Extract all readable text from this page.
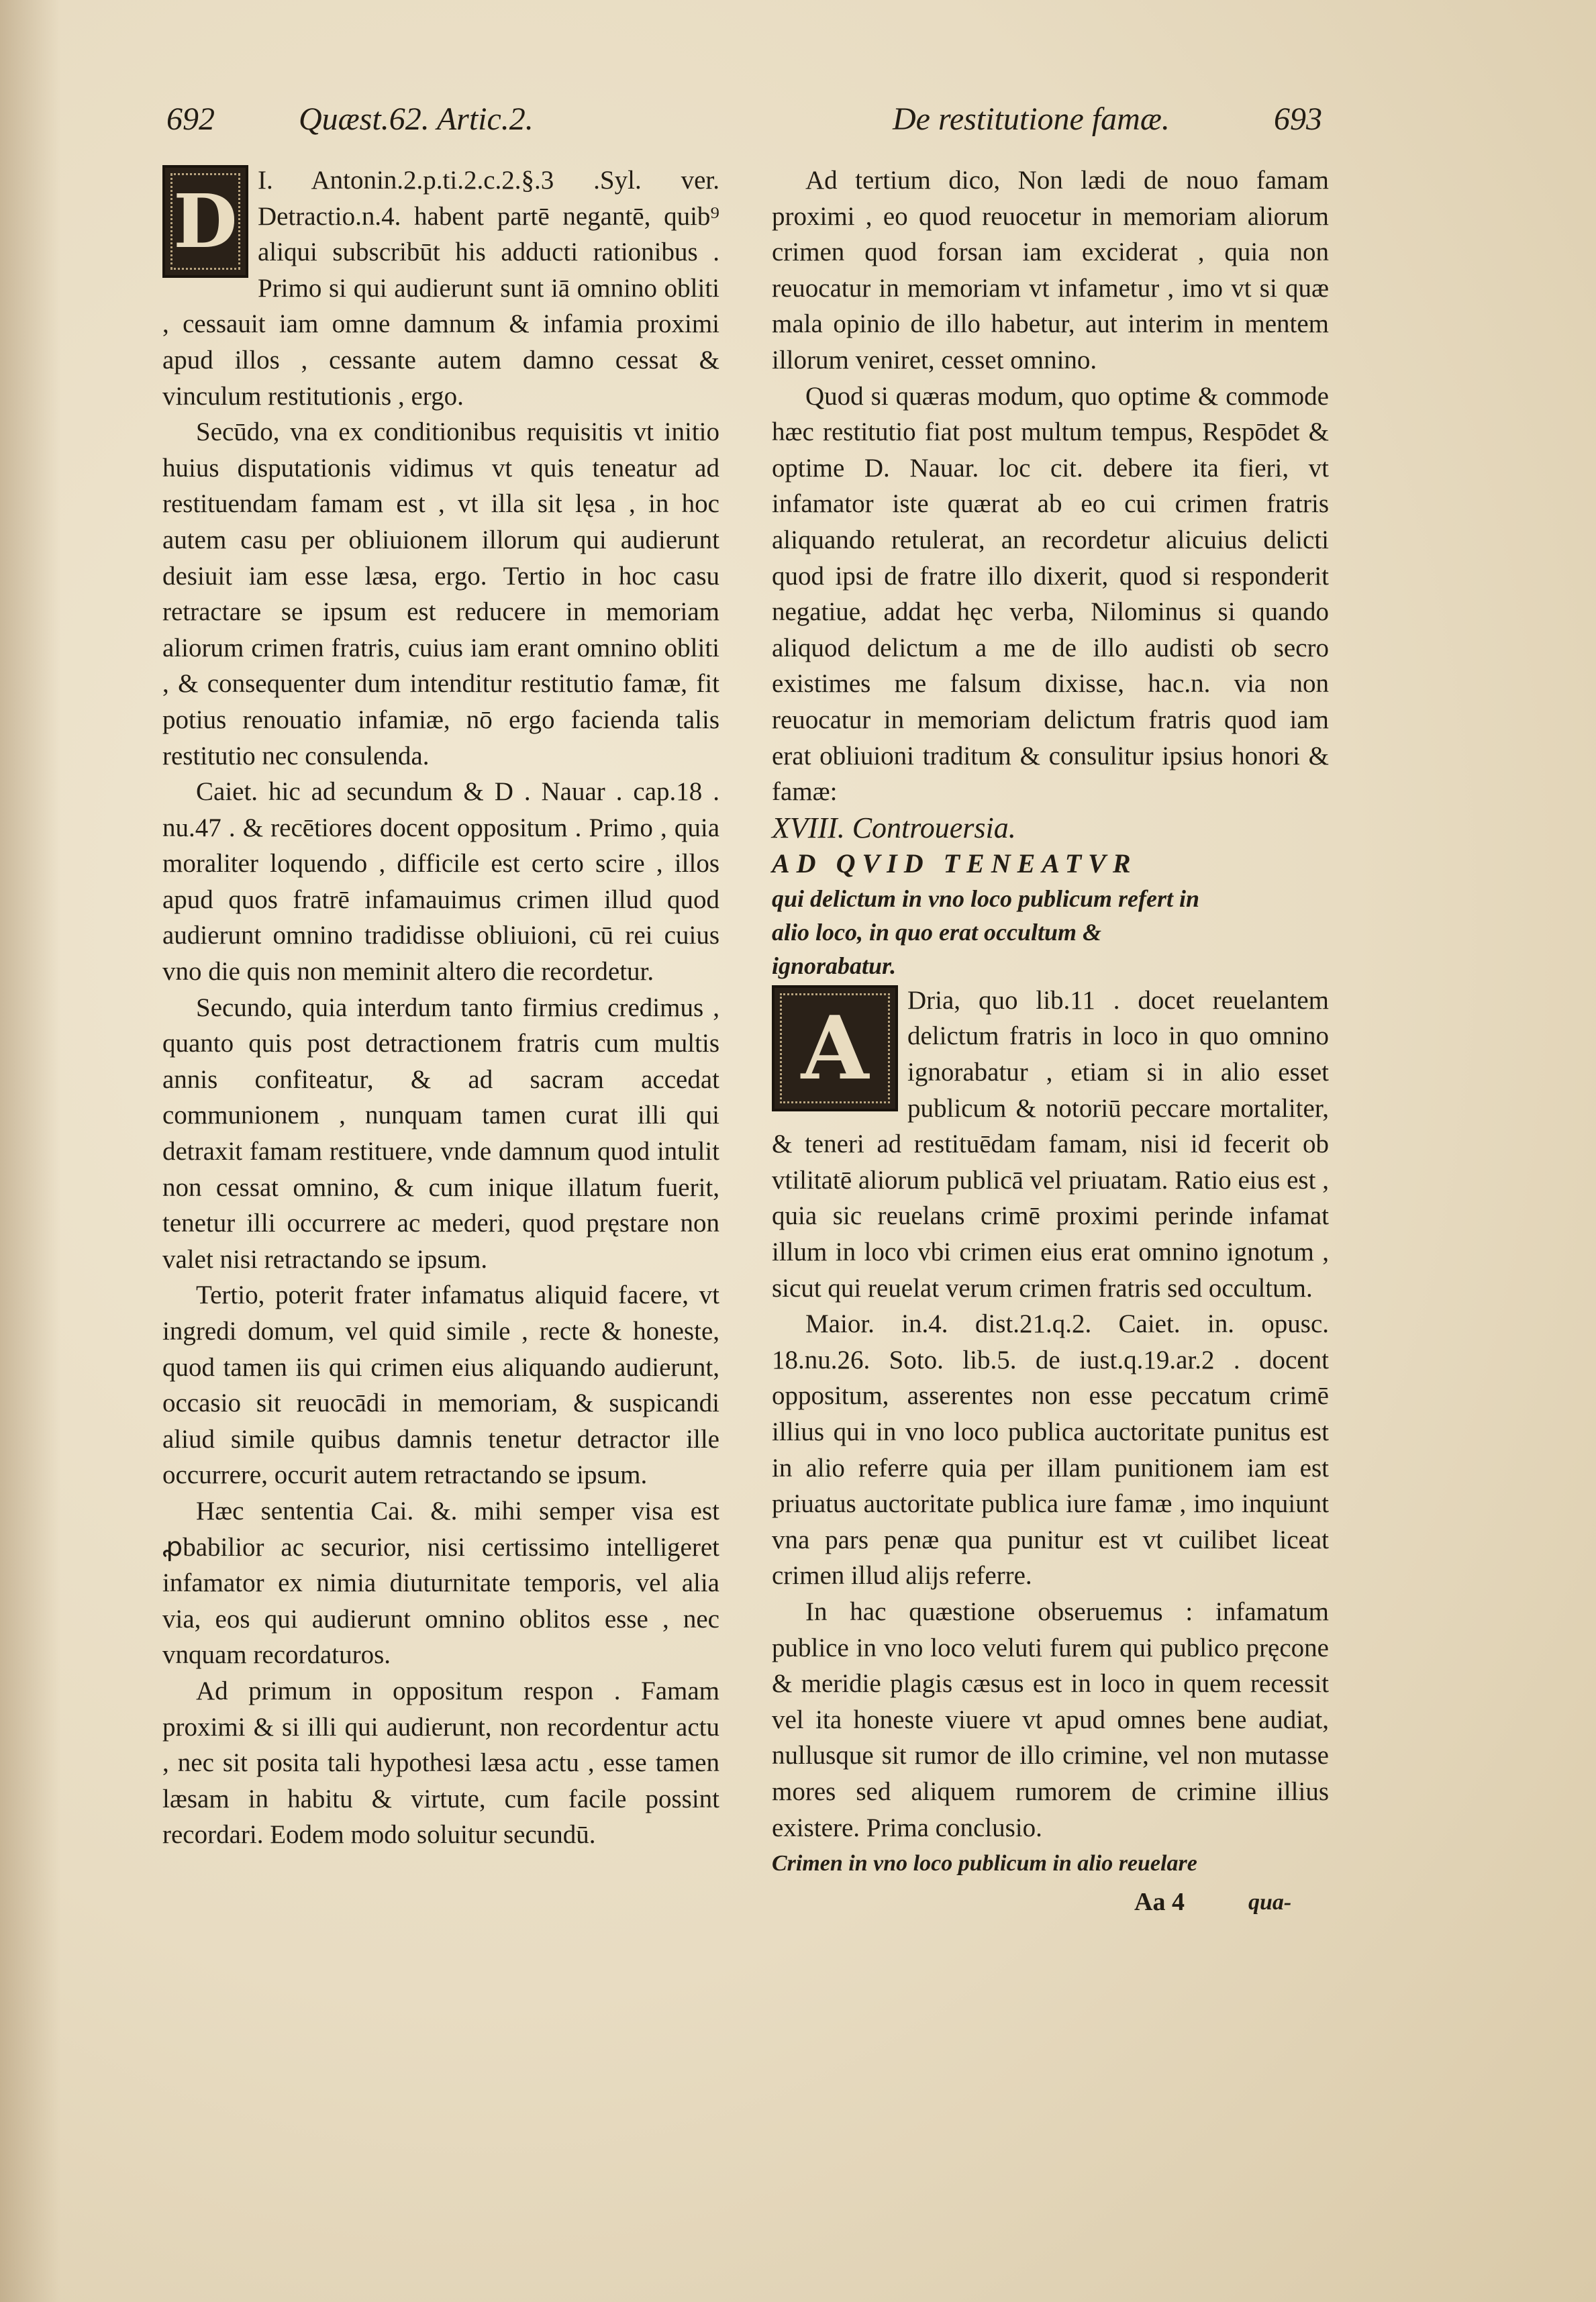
692	Quæst.62. Artic.2.	De restitutione famæ.	693
D I. Antonin.2.p.ti.2.c.2.§.3 .Syl. ver. Detractio.n.4. habent partē negantē, quib⁹ aliqui subscribūt his adducti rationibus . Primo si qui audierunt sunt iā omnino obliti , cessauit iam omne damnum & infamia proximi apud illos , cessante autem damno cessat & vinculum restitutionis , ergo.

Secūdo, vna ex conditionibus requisitis vt initio huius disputationis vidimus vt quis teneatur ad restituendam famam est , vt illa sit lęsa , in hoc autem casu per obliuionem illorum qui audierunt desiuit iam esse læsa, ergo. Tertio in hoc casu retractare se ipsum est reducere in memoriam aliorum crimen fratris, cuius iam erant omnino obliti , & consequenter dum intenditur restitutio famæ, fit potius renouatio infamiæ, nō ergo facienda talis restitutio nec consulenda.

Caiet. hic ad secundum & D . Nauar . cap.18 . nu.47 . & recētiores docent oppositum . Primo , quia moraliter loquendo , difficile est certo scire , illos apud quos fratrē infamauimus crimen illud quod audierunt omnino tradidisse obliuioni, cū rei cuius vno die quis non meminit altero die recordetur.

Secundo, quia interdum tanto firmius credimus , quanto quis post detractionem fratris cum multis annis confiteatur, & ad sacram accedat communionem , nunquam tamen curat illi qui detraxit famam restituere, vnde damnum quod intulit non cessat omnino, & cum inique illatum fuerit, tenetur illi occurrere ac mederi, quod pręstare non valet nisi retractando se ipsum.

Tertio, poterit frater infamatus aliquid facere, vt ingredi domum, vel quid simile , recte & honeste, quod tamen iis qui crimen eius aliquando audierunt, occasio sit reuocādi in memoriam, & suspicandi aliud simile quibus damnis tenetur detractor ille occurrere, occurit autem retractando se ipsum.

Hæc sententia Cai. &. mihi semper visa est ꝓbabilior ac securior, nisi certissimo intelligeret infamator ex nimia diuturnitate temporis, vel alia via, eos qui audierunt omnino oblitos esse , nec vnquam recordaturos.

Ad primum in oppositum respon . Famam proximi & si illi qui audierunt, non recordentur actu , nec sit posita tali hypothesi læsa actu , esse tamen læsam in habitu & virtute, cum facile possint recordari. Eodem modo soluitur secundū.

Ad tertium dico, Non lædi de nouo famam proximi , eo quod reuocetur in memoriam aliorum crimen quod forsan iam exciderat , quia non reuocatur in memoriam vt infametur , imo vt si quæ mala opinio de illo habetur, aut interim in mentem illorum veniret, cesset omnino.

Quod si quæras modum, quo optime & commode hæc restitutio fiat post multum tempus, Respōdet & optime D. Nauar. loc cit. debere ita fieri, vt infamator iste quærat ab eo cui crimen fratris aliquando retulerat, an recordetur alicuius delicti quod ipsi de fratre illo dixerit, quod si responderit negatiue, addat hęc verba, Nilominus si quando aliquod delictum a me de illo audisti ob secro existimes me falsum dixisse, hac.n. via non reuocatur in memoriam delictum fratris quod iam erat obliuioni traditum & consulitur ipsius honori & famæ:

XVIII. Controuersia.

AD QVID TENEATVR

qui delictum in vno loco publicum refert in
alio loco, in quo erat occultum &
ignorabatur.

A	Dria, quo lib.11 . docet reuelantem delictum fratris in loco in quo omnino ignorabatur , etiam si in alio esset publicum & notoriū peccare mortaliter, & teneri ad restituēdam famam, nisi id fecerit ob vtilitatē aliorum publicā vel priuatam. Ratio eius est , quia sic reuelans crimē proximi perinde infamat illum in loco vbi crimen eius erat omnino ignotum , sicut qui reuelat verum crimen fratris sed occultum.

Maior. in.4. dist.21.q.2. Caiet. in. opusc. 18.nu.26. Soto. lib.5. de iust.q.19.ar.2 . docent oppositum, asserentes non esse peccatum crimē illius qui in vno loco publica auctoritate punitus est in alio referre quia per illam punitionem iam est priuatus auctoritate publica iure famæ , imo inquiunt vna pars penæ qua punitur est vt cuilibet liceat crimen illud alijs referre.

In hac quæstione obseruemus : infamatum publice in vno loco veluti furem qui publico pręcone & meridie plagis cæsus est in loco in quem recessit vel ita honeste viuere vt apud omnes bene audiat, nullusque sit rumor de illo crimine, vel non mutasse mores sed aliquem rumorem de crimine illius existere. Prima conclusio.

Crimen in vno loco publicum in alio reuelare

Aa 4	qua-
